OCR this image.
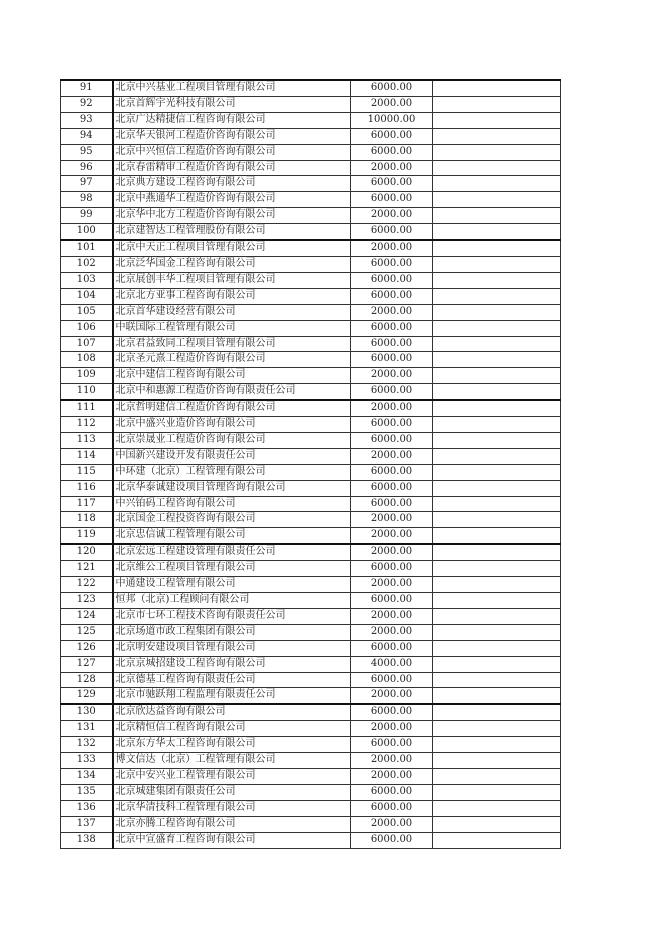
91	北京中兴基业工程项目管理有限公司	6000.00	
92	北京首辉宇光科技有限公司	2000.00	
93	北京广达精捷信工程咨询有限公司	10000.00	
94	北京华天银河工程造价咨询有限公司	6000.00	
95	北京中兴恒信工程造价咨询有限公司	6000.00	
96	北京春雷精审工程造价咨询有限公司	2000.00	
97	北京典方建设工程咨询有限公司	6000.00	
98	北京中燕通华工程造价咨询有限公司	6000.00	
99	北京华中北方工程造价咨询有限公司	2000.00	
100	北京建智达工程管理股份有限公司	6000.00	
101	北京中天正工程项目管理有限公司	2000.00	
102	北京泛华国金工程咨询有限公司	6000.00	
103	北京展创丰华工程项目管理有限公司	6000.00	
104	北京北方亚事工程咨询有限公司	6000.00	
105	北京首华建设经营有限公司	2000.00	
106	中联国际工程管理有限公司	6000.00	
107	北京君益致同工程项目管理有限公司	6000.00	
108	北京圣元熹工程造价咨询有限公司	6000.00	
109	北京中建信工程咨询有限公司	2000.00	
110	北京中和惠源工程造价咨询有限责任公司	6000.00	
111	北京哲明建信工程造价咨询有限公司	2000.00	
112	北京中盛兴业造价咨询有限公司	6000.00	
113	北京崇晟业工程造价咨询有限公司	6000.00	
114	中国新兴建设开发有限责任公司	2000.00	
115	中环建（北京）工程管理有限公司	6000.00	
116	北京华泰诚建设项目管理咨询有限公司	6000.00	
117	中兴铂码工程咨询有限公司	6000.00	
118	北京国金工程投资咨询有限公司	2000.00	
119	北京忠信诚工程管理有限公司	2000.00	
120	北京宏远工程建设管理有限责任公司	2000.00	
121	北京维公工程项目管理有限公司	6000.00	
122	中通建设工程管理有限公司	2000.00	
123	恒邦（北京)工程顾问有限公司	6000.00	
124	北京市七环工程技术咨询有限责任公司	2000.00	
125	北京场道市政工程集团有限公司	2000.00	
126	北京明安建设项目管理有限公司	6000.00	
127	北京京城招建设工程咨询有限公司	4000.00	
128	北京德基工程咨询有限责任公司	6000.00	
129	北京市驰跃翔工程监理有限责任公司	2000.00	
130	北京欣达益咨询有限公司	6000.00	
131	北京精恒信工程咨询有限公司	2000.00	
132	北京东方华太工程咨询有限公司	6000.00	
133	博文信达（北京）工程管理有限公司	2000.00	
134	北京中安兴业工程管理有限公司	2000.00	
135	北京城建集团有限责任公司	6000.00	
136	北京华清技科工程管理有限公司	6000.00	
137	北京亦腾工程咨询有限公司	2000.00	
138	北京中宣盛育工程咨询有限公司	6000.00	
